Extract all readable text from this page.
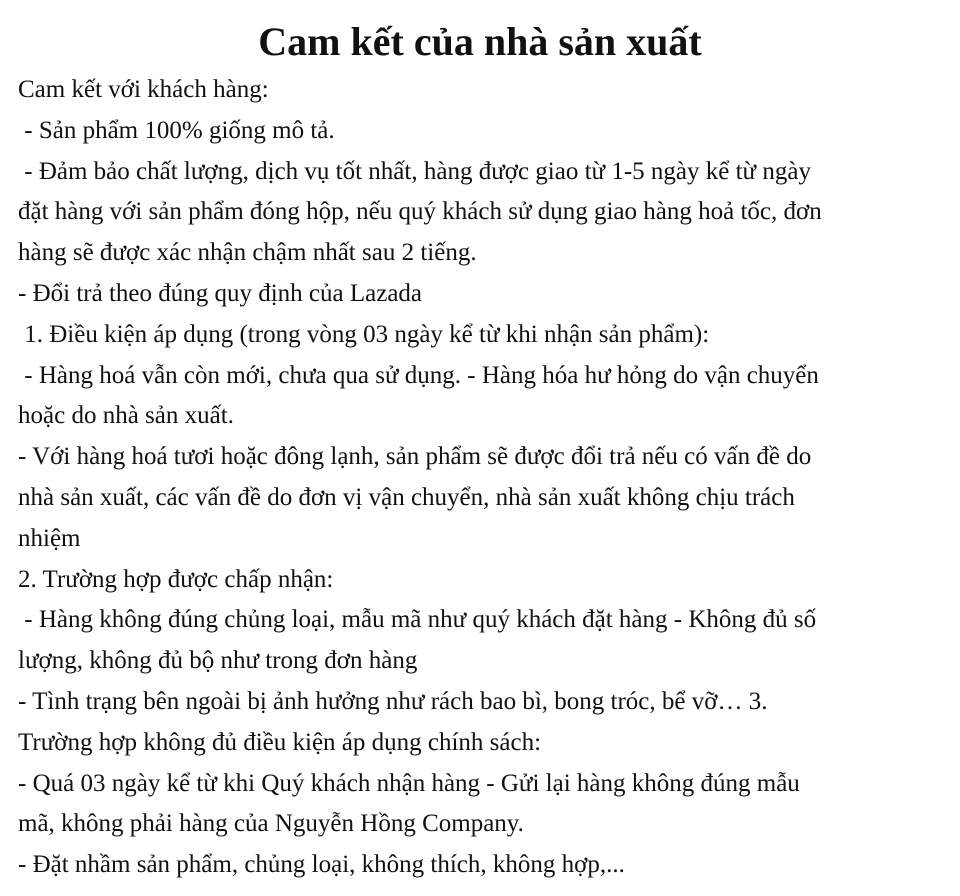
Cam kết của nhà sản xuất
Cam kết với khách hàng:
- Sản phẩm 100% giống mô tả.
- Đảm bảo chất lượng, dịch vụ tốt nhất, hàng được giao từ 1-5 ngày kể từ ngày
đặt hàng với sản phẩm đóng hộp, nếu quý khách sử dụng giao hàng hoả tốc, đơn
hàng sẽ được xác nhận chậm nhất sau 2 tiếng.
- Đổi trả theo đúng quy định của Lazada
1. Điều kiện áp dụng (trong vòng 03 ngày kể từ khi nhận sản phẩm):
- Hàng hoá vẫn còn mới, chưa qua sử dụng. - Hàng hóa hư hỏng do vận chuyển
hoặc do nhà sản xuất.
- Với hàng hoá tươi hoặc đông lạnh, sản phẩm sẽ được đổi trả nếu có vấn đề do
nhà sản xuất, các vấn đề do đơn vị vận chuyển, nhà sản xuất không chịu trách
nhiệm
2. Trường hợp được chấp nhận:
- Hàng không đúng chủng loại, mẫu mã như quý khách đặt hàng - Không đủ số
lượng, không đủ bộ như trong đơn hàng
- Tình trạng bên ngoài bị ảnh hưởng như rách bao bì, bong tróc, bể vỡ… 3.
Trường hợp không đủ điều kiện áp dụng chính sách:
- Quá 03 ngày kể từ khi Quý khách nhận hàng - Gửi lại hàng không đúng mẫu
mã, không phải hàng của Nguyễn Hồng Company.
- Đặt nhầm sản phẩm, chủng loại, không thích, không hợp,...
